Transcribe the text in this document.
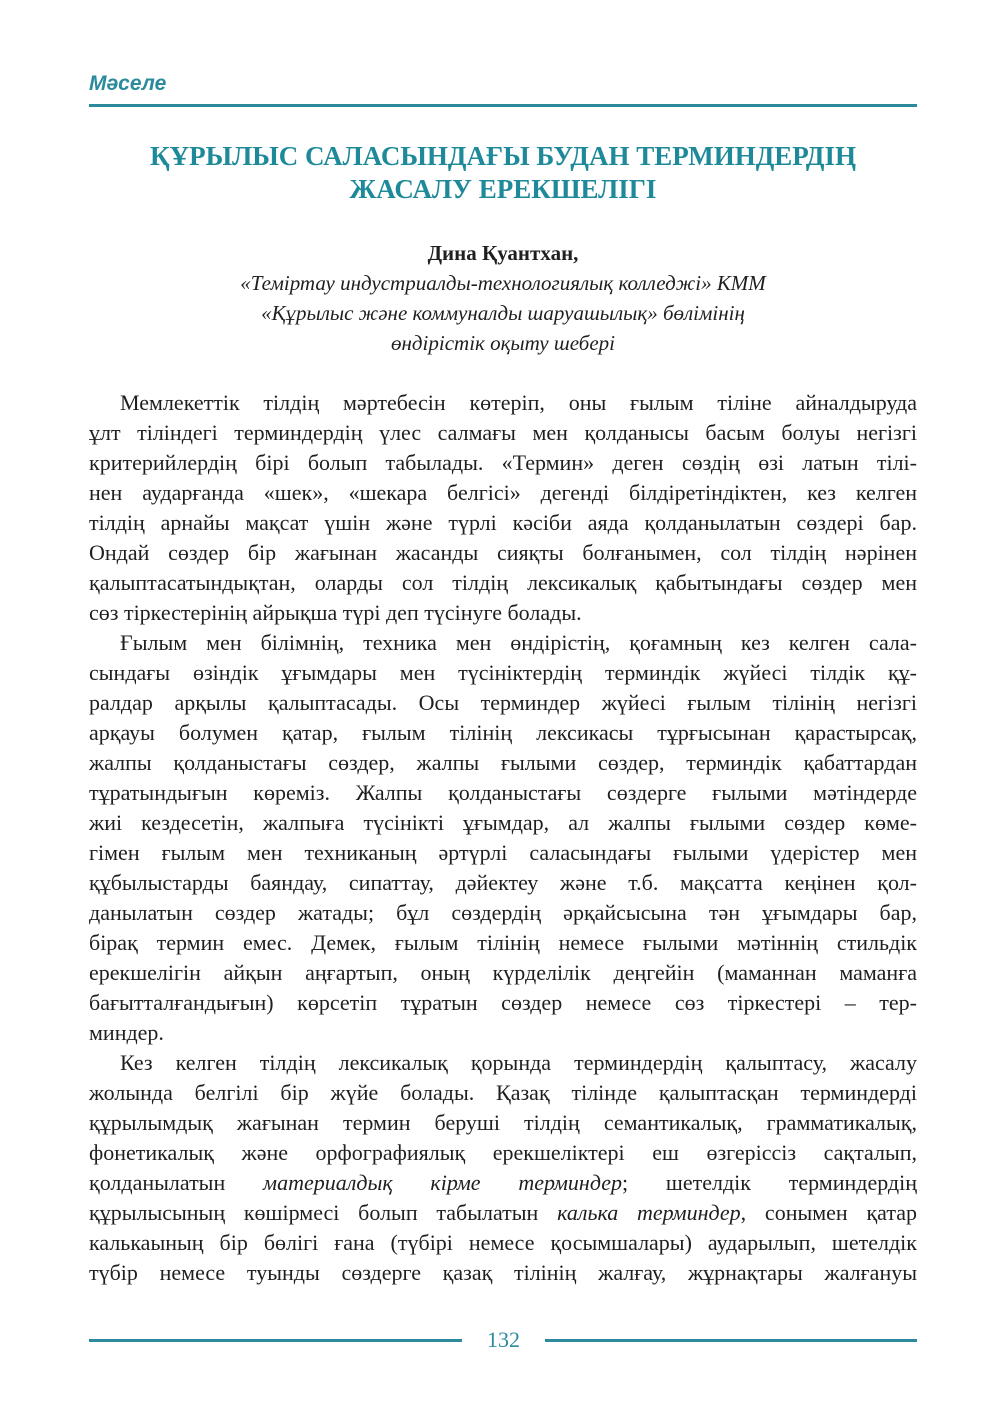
Мәселе
ҚҰРЫЛЫС САЛАСЫНДАҒЫ БУДАН ТЕРМИНДЕРДІҢ
ЖАСАЛУ ЕРЕКШЕЛІГІ
Дина Қуантхан,
«Теміртау индустриалды-технологиялық колледжі» КММ
«Құрылыс және коммуналды шаруашылық» бөлімінің
өндірістік оқыту шебері
Мемлекеттік тілдің мәртебесін көтеріп, оны ғылым тіліне айналдыруда
ұлт тіліндегі терминдердің үлес салмағы мен қолданысы басым болуы негізгі
критерийлердің бірі болып табылады. «Термин» деген сөздің өзі латын тілі-
нен аударғанда «шек», «шекара белгісі» дегенді білдіретіндіктен, кез келген
тілдің арнайы мақсат үшін және түрлі кәсіби аяда қолданылатын сөздері бар.
Ондай сөздер бір жағынан жасанды сияқты болғанымен, сол тілдің нәрінен
қалыптасатындықтан, оларды сол тілдің лексикалық қабытындағы сөздер мен
сөз тіркестерінің айрықша түрі деп түсінуге болады.
Ғылым мен білімнің, техника мен өндірістің, қоғамның кез келген сала-
сындағы өзіндік ұғымдары мен түсініктердің терминдік жүйесі тілдік құ-
ралдар арқылы қалыптасады. Осы терминдер жүйесі ғылым тілінің негізгі
арқауы болумен қатар, ғылым тілінің лексикасы тұрғысынан қарастырсақ,
жалпы қолданыстағы сөздер, жалпы ғылыми сөздер, терминдік қабаттардан
тұратындығын көреміз. Жалпы қолданыстағы сөздерге ғылыми мәтіндерде
жиі кездесетін, жалпыға түсінікті ұғымдар, ал жалпы ғылыми сөздер көме-
гімен ғылым мен техниканың әртүрлі саласындағы ғылыми үдерістер мен
құбылыстарды баяндау, сипаттау, дәйектеу және т.б. мақсатта кеңінен қол-
данылатын сөздер жатады; бұл сөздердің әрқайсысына тән ұғымдары бар,
бірақ термин емес. Демек, ғылым тілінің немесе ғылыми мәтіннің стильдік
ерекшелігін айқын аңғартып, оның күрделілік деңгейін (маманнан маманға
бағытталғандығын) көрсетіп тұратын сөздер немесе сөз тіркестері – тер-
миндер.
Кез келген тілдің лексикалық қорында терминдердің қалыптасу, жасалу
жолында белгілі бір жүйе болады. Қазақ тілінде қалыптасқан терминдерді
құрылымдық жағынан термин беруші тілдің семантикалық, грамматикалық,
фонетикалық және орфографиялық ерекшеліктері еш өзгеріссіз сақталып,
қолданылатын материалдық кірме терминдер; шетелдік терминдердің
құрылысының көшірмесі болып табылатын калька терминдер, сонымен қатар
калькаының бір бөлігі ғана (түбірі немесе қосымшалары) аударылып, шетелдік
түбір немесе туынды сөздерге қазақ тілінің жалғау, жұрнақтары жалғануы
132
